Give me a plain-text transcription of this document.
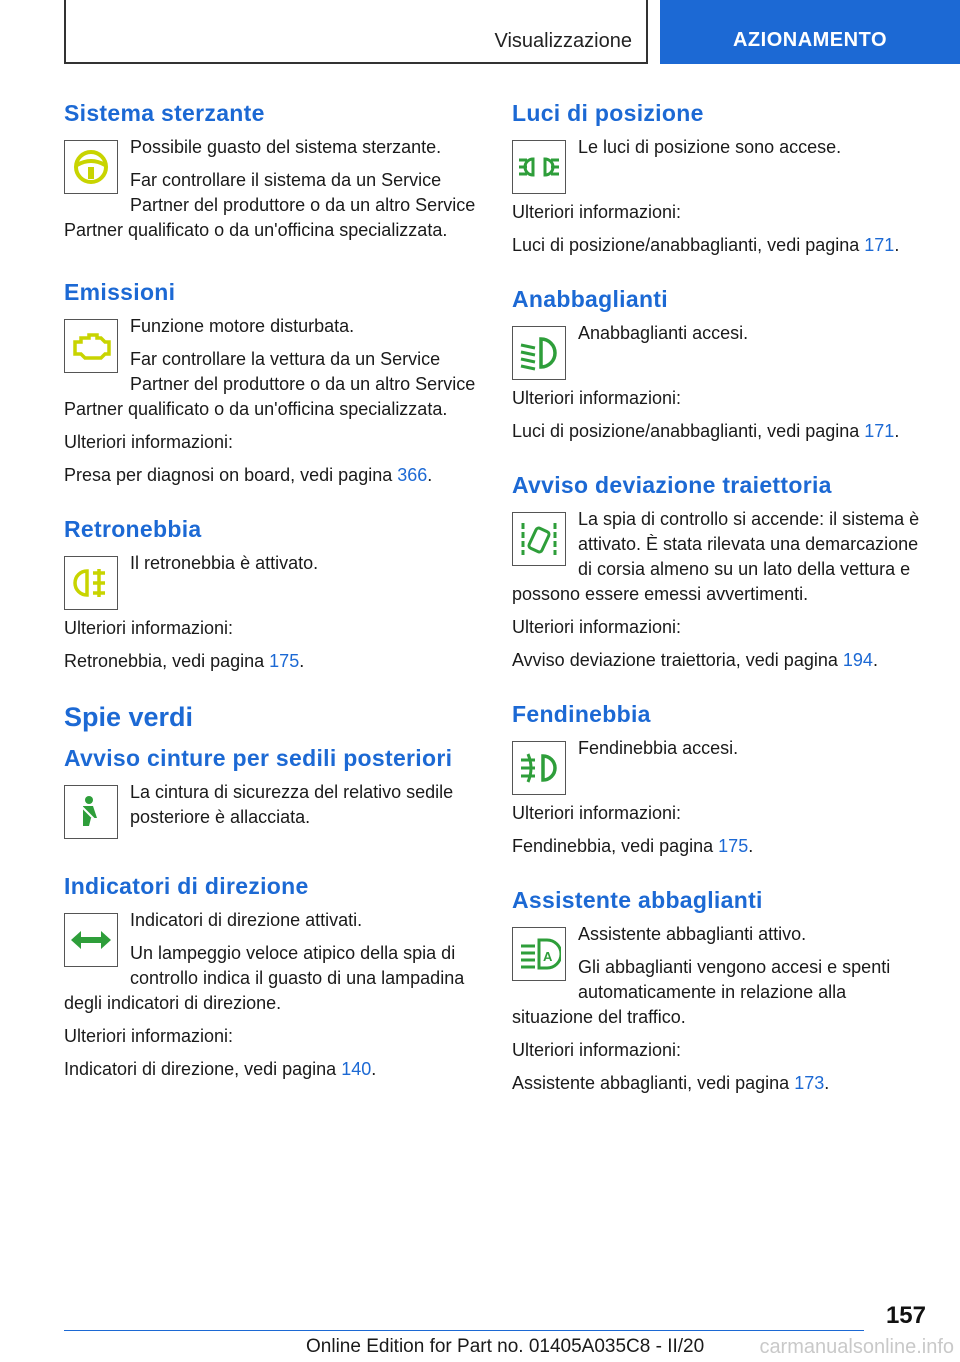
Visualizzazione	AZIONAMENTO
Sistema sterzante

Possibile guasto del sistema sterzante.

Far controllare il sistema da un Service Partner del produttore o da un altro Service Partner qualificato o da un'officina specializzata.

Emissioni

Funzione motore disturbata.

Far controllare la vettura da un Service Partner del produttore o da un altro Service Partner qualificato o da un'officina specializzata.

Ulteriori informazioni:

Presa per diagnosi on board, vedi pagina 366.

Retronebbia

Il retronebbia è attivato.

Ulteriori informazioni:

Retronebbia, vedi pagina 175.

Spie verdi
Avviso cinture per sedili posteriori

La cintura di sicurezza del relativo sedile posteriore è allacciata.

Indicatori di direzione

Indicatori di direzione attivati.

Un lampeggio veloce atipico della spia di controllo indica il guasto di una lampadina degli indicatori di direzione.

Ulteriori informazioni:

Indicatori di direzione, vedi pagina 140.

Luci di posizione

Le luci di posizione sono accese.

Ulteriori informazioni:

Luci di posizione/anabbaglianti, vedi pagina 171.

Anabbaglianti

Anabbaglianti accesi.

Ulteriori informazioni:

Luci di posizione/anabbaglianti, vedi pagina 171.

Avviso deviazione traiettoria

La spia di controllo si accende: il sistema è attivato. È stata rilevata una demarcazione di corsia almeno su un lato della vettura e possono essere emessi avvertimenti.

Ulteriori informazioni:

Avviso deviazione traiettoria, vedi pagina 194.

Fendinebbia

Fendinebbia accesi.

Ulteriori informazioni:

Fendinebbia, vedi pagina 175.

Assistente abbaglianti
A

Assistente abbaglianti attivo.

Gli abbaglianti vengono accesi e spenti automaticamente in relazione alla situazione del traffico.

Ulteriori informazioni:

Assistente abbaglianti, vedi pagina 173.

157
Online Edition for Part no. 01405A035C8 - II/20	carmanualsonline.info
